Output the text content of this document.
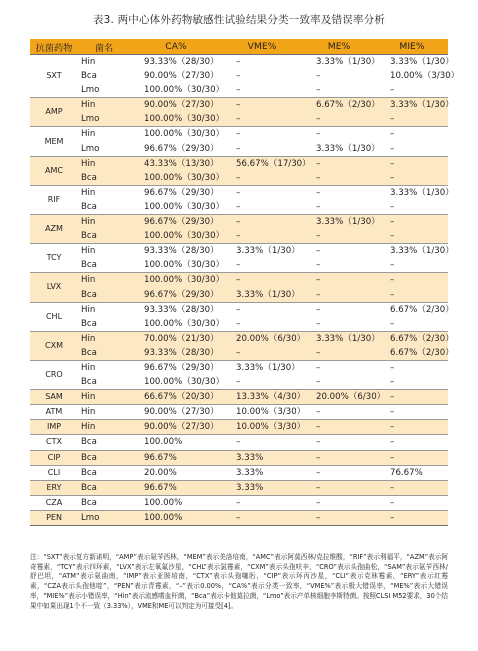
表3. 两中心体外药物敏感性试验结果分类一致率及错误率分析
抗菌药物	菌名	CA%	VME%	ME%	MIE%
SXT	Hin	93.33%（28/30）	–	3.33%（1/30）	3.33%（1/30）
	Bca	90.00%（27/30）	–	–	10.00%（3/30）
	Lmo	100.00%（30/30）	–	–	–
AMP	Hin	90.00%（27/30）	–	6.67%（2/30）	3.33%（1/30）
	Lmo	100.00%（30/30）	–	–	–
MEM	Hin	100.00%（30/30）	–	–	–
	Lmo	96.67%（29/30）	–	3.33%（1/30）	–
AMC	Hin	43.33%（13/30）	56.67%（17/30）	–	–
	Bca	100.00%（30/30）	–	–	–
RIF	Hin	96.67%（29/30）	–	–	3.33%（1/30）
	Bca	100.00%（30/30）	–	–	–
AZM	Hin	96.67%（29/30）	–	3.33%（1/30）	–
	Bca	100.00%（30/30）	–	–	–
TCY	Hin	93.33%（28/30）	3.33%（1/30）	–	3.33%（1/30）
	Bca	100.00%（30/30）	–	–	–
LVX	Hin	100.00%（30/30）	–	–	–
	Bca	96.67%（29/30）	3.33%（1/30）	–	–
CHL	Hin	93.33%（28/30）	–	–	6.67%（2/30）
	Bca	100.00%（30/30）	–	–	–
CXM	Hin	70.00%（21/30）	20.00%（6/30）	3.33%（1/30）	6.67%（2/30）
	Bca	93.33%（28/30）	–	–	6.67%（2/30）
CRO	Hin	96.67%（29/30）	3.33%（1/30）	–	–
	Bca	100.00%（30/30）	–	–	–
SAM	Hin	66.67%（20/30）	13.33%（4/30）	20.00%（6/30）	–
ATM	Hin	90.00%（27/30）	10.00%（3/30）	–	–
IMP	Hin	90.00%（27/30）	10.00%（3/30）	–	–
CTX	Bca	100.00%	–	–	–
CIP	Bca	96.67%	3.33%	–	–
CLI	Bca	20.00%	3.33%	–	76.67%
ERY	Bca	96.67%	3.33%	–	–
CZA	Bca	100.00%	–	–	–
PEN	Lmo	100.00%	–	–	–
注：“SXT”表示复方新诺明，“AMP”表示氨苄西林，“MEM”表示美洛培南，“AMC”表示阿莫西林/克拉维酸，“RIF”表示利福平，“AZM”表示阿奇霉素，“TCY”表示四环素，“LVX”表示左氧氟沙星，“CHL”表示氯霉素，“CXM”表示头孢呋辛，“CRO”表示头孢曲松，“SAM”表示氨苄西林/舒巴坦，“ATM”表示氨曲南，“IMP”表示亚胺培南，“CTX”表示头孢噻肟，“CIP”表示环丙沙星，“CLI”表示克林霉素，“ERY”表示红霉素，“CZA表示头孢他啶”，“PEN”表示青霉素，“–”表示0.00%，“CA%”表示分类一致率，“VME%”表示极大错误率，“ME%”表示大错误率，“MIE%”表示小错误率，“Hin”表示流感嗜血杆菌，“Bca”表示卡他莫拉菌，“Lmo”表示产单核细胞李斯特菌。按照CLSI M52要求，30个结果中如果出现1个不一致（3.33%），VME和ME可以判定为可接受[4]。
